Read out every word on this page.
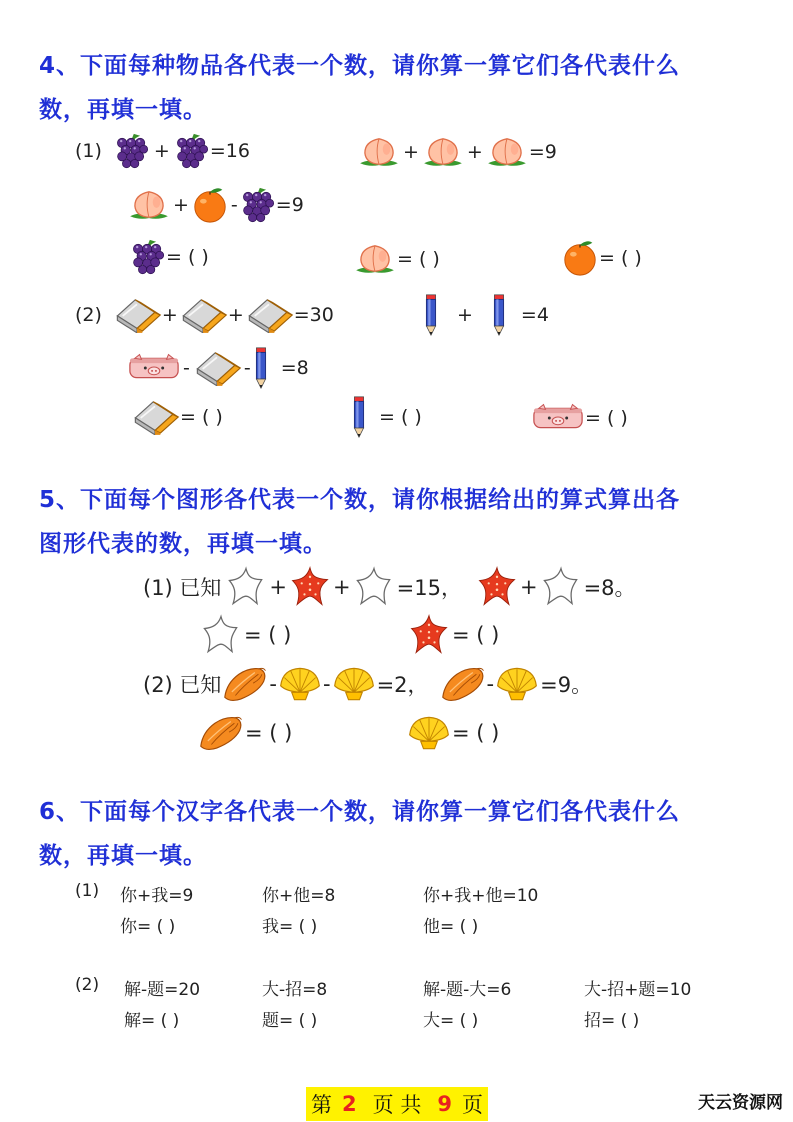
4、下面每种物品各代表一个数，请你算一算它们各代表什么
数，再填一填。
(1)	+ =16	+	+ =9
+ - =9
= ( )	= ( )	= ( )
(2)	+	+	=30	+	=4
-	- =8
= ( )	= ( )	= ( )
5、下面每个图形各代表一个数，请你根据给出的算式算出各
图形代表的数，再填一填。
(1) 已知 + + =15，	+ =8。
= ( )	= ( )
(2) 已知 - - =2，	- =9。
= ( )	= ( )
6、下面每个汉字各代表一个数，请你算一算它们各代表什么
数，再填一填。
(1) 你+我=9	你+他=8	你+我+他=10
你= ( )	我= ( )	他= ( )
(2) 解-题=20	大-招=8	解-题-大=6	大-招+题=10
解= ( )	题= ( )	大= ( )	招= ( )
第 2 页 共 9 页	天云资源网
